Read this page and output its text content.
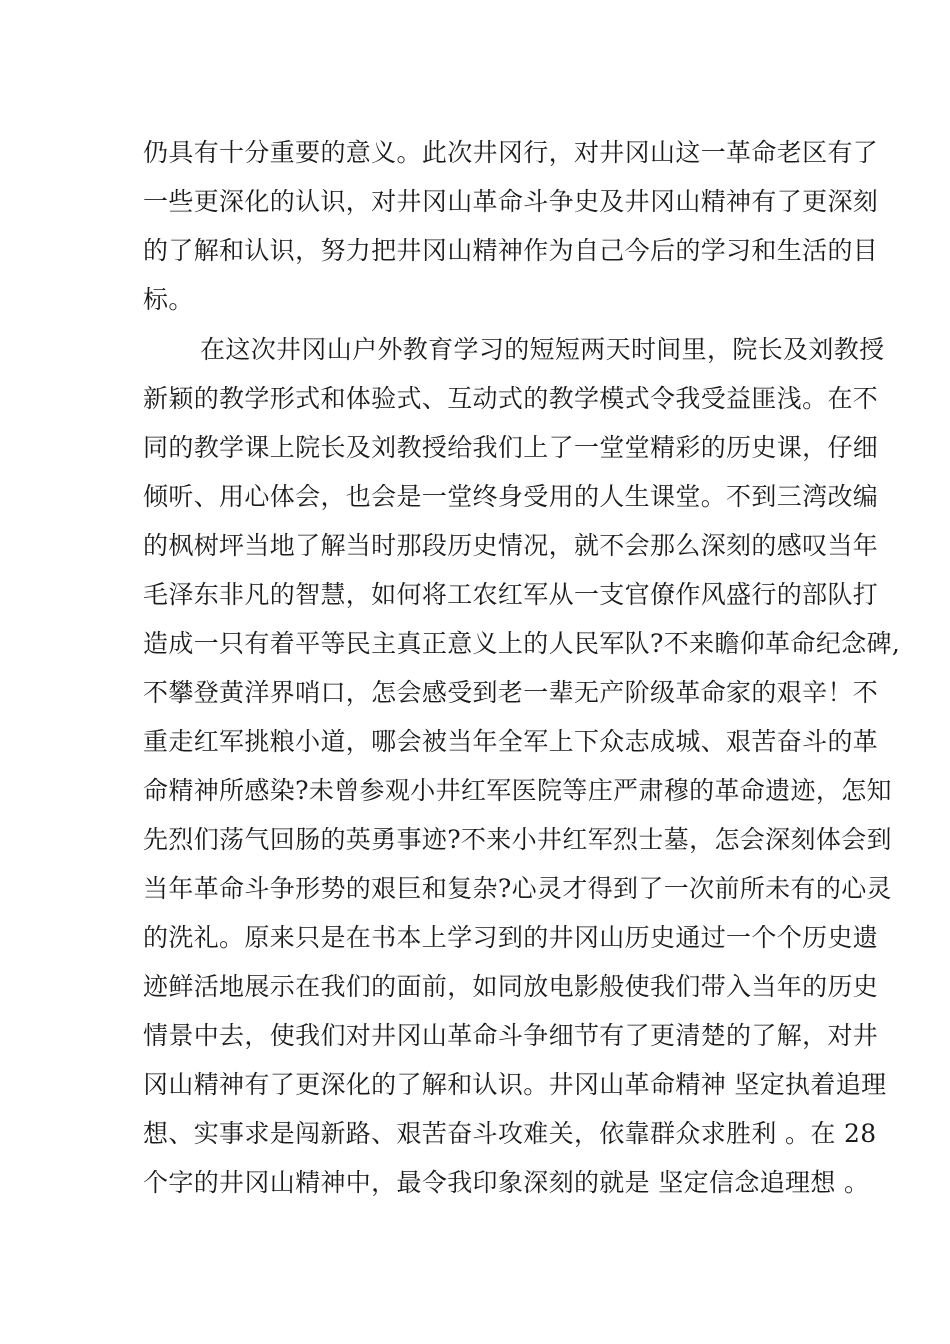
仍具有十分重要的意义。此次井冈行，对井冈山这一革命老区有了
一些更深化的认识，对井冈山革命斗争史及井冈山精神有了更深刻
的了解和认识，努力把井冈山精神作为自己今后的学习和生活的目
标。
在这次井冈山户外教育学习的短短两天时间里，院长及刘教授
新颖的教学形式和体验式、互动式的教学模式令我受益匪浅。在不
同的教学课上院长及刘教授给我们上了一堂堂精彩的历史课，仔细
倾听、用心体会，也会是一堂终身受用的人生课堂。不到三湾改编
的枫树坪当地了解当时那段历史情况，就不会那么深刻的感叹当年
毛泽东非凡的智慧，如何将工农红军从一支官僚作风盛行的部队打
造成一只有着平等民主真正意义上的人民军队?不来瞻仰革命纪念碑,
不攀登黄洋界哨口，怎会感受到老一辈无产阶级革命家的艰辛！不
重走红军挑粮小道，哪会被当年全军上下众志成城、艰苦奋斗的革
命精神所感染?未曾参观小井红军医院等庄严肃穆的革命遗迹，怎知
先烈们荡气回肠的英勇事迹?不来小井红军烈士墓，怎会深刻体会到
当年革命斗争形势的艰巨和复杂?心灵才得到了一次前所未有的心灵
的洗礼。原来只是在书本上学习到的井冈山历史通过一个个历史遗
迹鲜活地展示在我们的面前，如同放电影般使我们带入当年的历史
情景中去，使我们对井冈山革命斗争细节有了更清楚的了解，对井
冈山精神有了更深化的了解和认识。井冈山革命精神 坚定执着追理
想、实事求是闯新路、艰苦奋斗攻难关，依靠群众求胜利 。在 28
个字的井冈山精神中，最令我印象深刻的就是 坚定信念追理想 。
